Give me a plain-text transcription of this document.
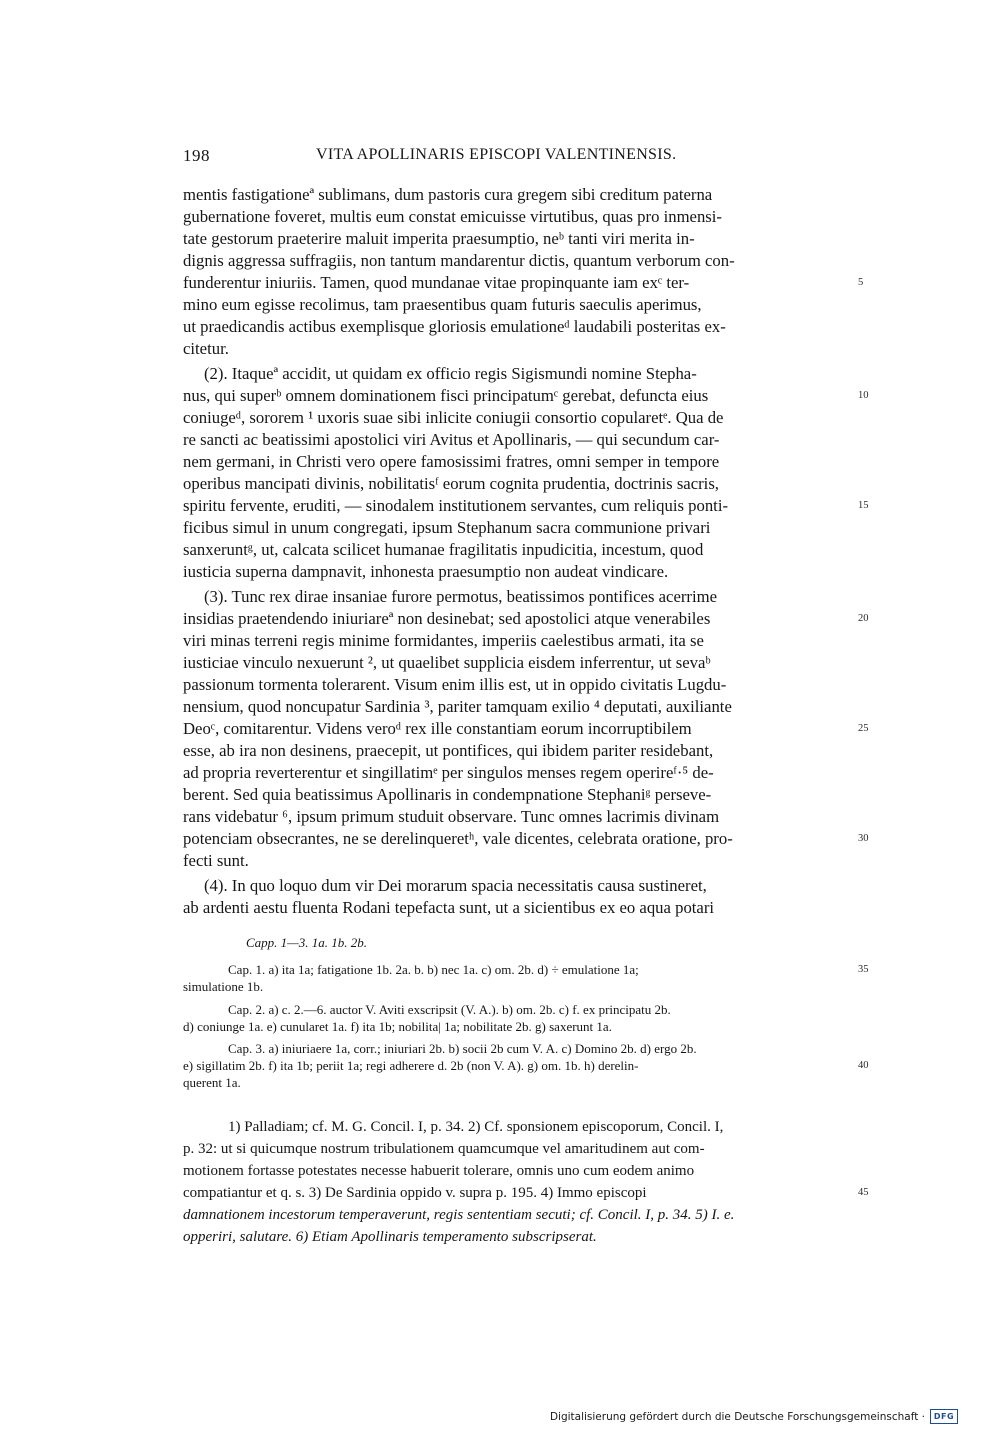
198	VITA APOLLINARIS EPISCOPI VALENTINENSIS.

mentis fastigationeª sublimans, dum pastoris cura gregem sibi creditum paterna

gubernatione foveret, multis eum constat emicuisse virtutibus, quas pro inmensi-

tate gestorum praeterire maluit imperita praesumptio, neᵇ tanti viri merita in-

dignis aggressa suffragiis, non tantum mandarentur dictis, quantum verborum con-

funderentur iniuriis. Tamen, quod mundanae vitae propinquante iam exᶜ ter-

mino eum egisse recolimus, tam praesentibus quam futuris saeculis aperimus,

ut praedicandis actibus exemplisque gloriosis emulationeᵈ laudabili posteritas ex-

citetur.

(2). Itaqueª accidit, ut quidam ex officio regis Sigismundi nomine Stepha-

nus, qui superᵇ omnem dominationem fisci principatumᶜ gerebat, defuncta eius

coniugeᵈ, sororem ¹ uxoris suae sibi inlicite coniugii consortio copularetᵉ. Qua de

re sancti ac beatissimi apostolici viri Avitus et Apollinaris, — qui secundum car-

nem germani, in Christi vero opere famosissimi fratres, omni semper in tempore

operibus mancipati divinis, nobilitatisᶠ eorum cognita prudentia, doctrinis sacris,

spiritu fervente, eruditi, — sinodalem institutionem servantes, cum reliquis ponti-

ficibus simul in unum congregati, ipsum Stephanum sacra communione privari

sanxeruntᵍ, ut, calcata scilicet humanae fragilitatis inpudicitia, incestum, quod

iusticia superna dampnavit, inhonesta praesumptio non audeat vindicare.

(3). Tunc rex dirae insaniae furore permotus, beatissimos pontifices acerrime

insidias praetendendo iniuriareª non desinebat; sed apostolici atque venerabiles

viri minas terreni regis minime formidantes, imperiis caelestibus armati, ita se

iusticiae vinculo nexuerunt ², ut quaelibet supplicia eisdem inferrentur, ut sevaᵇ

passionum tormenta tolerarent. Visum enim illis est, ut in oppido civitatis Lugdu-

nensium, quod noncupatur Sardinia ³, pariter tamquam exilio ⁴ deputati, auxiliante

Deoᶜ, comitarentur. Videns veroᵈ rex ille constantiam eorum incorruptibilem

esse, ab ira non desinens, praecepit, ut pontifices, qui ibidem pariter residebant,

ad propria reverterentur et singillatimᵉ per singulos menses regem operireᶠ·⁵ de-

berent. Sed quia beatissimus Apollinaris in condempnatione Stephaniᵍ perseve-

rans videbatur ⁶, ipsum primum studuit observare. Tunc omnes lacrimis divinam

potenciam obsecrantes, ne se derelinqueretʰ, vale dicentes, celebrata oratione, pro-

fecti sunt.

(4). In quo loquo dum vir Dei morarum spacia necessitatis causa sustineret,

ab ardenti aestu fluenta Rodani tepefacta sunt, ut a sicientibus ex eo aqua potari

5
10
15
20
25
30

Capp. 1—3. 1a. 1b. 2b.

Cap. 1. a) ita 1a; fatigatione 1b. 2a. b. b) nec 1a. c) om. 2b. d) ÷ emulatione 1a;

simulatione 1b.

Cap. 2. a) c. 2.—6. auctor V. Aviti exscripsit (V. A.). b) om. 2b. c) f. ex principatu 2b.

d) coniunge 1a. e) cunularet 1a. f) ita 1b; nobilita| 1a; nobilitate 2b. g) saxerunt 1a.

Cap. 3. a) iniuriaere 1a, corr.; iniuriari 2b. b) socii 2b cum V. A. c) Domino 2b. d) ergo 2b.

e) sigillatim 2b. f) ita 1b; periit 1a; regi adherere d. 2b (non V. A). g) om. 1b. h) derelin-

querent 1a.

35
40

1) Palladiam; cf. M. G. Concil. I, p. 34. 2) Cf. sponsionem episcoporum, Concil. I,

p. 32: ut si quicumque nostrum tribulationem quamcumque vel amaritudinem aut com-

motionem fortasse potestates necesse habuerit tolerare, omnis uno cum eodem animo

compatiantur et q. s. 3) De Sardinia oppido v. supra p. 195. 4) Immo episcopi

damnationem incestorum temperaverunt, regis sententiam secuti; cf. Concil. I, p. 34. 5) I. e.

opperiri, salutare. 6) Etiam Apollinaris temperamento subscripserat.

45
Digitalisierung gefördert durch die Deutsche Forschungsgemeinschaft ·	DFG
